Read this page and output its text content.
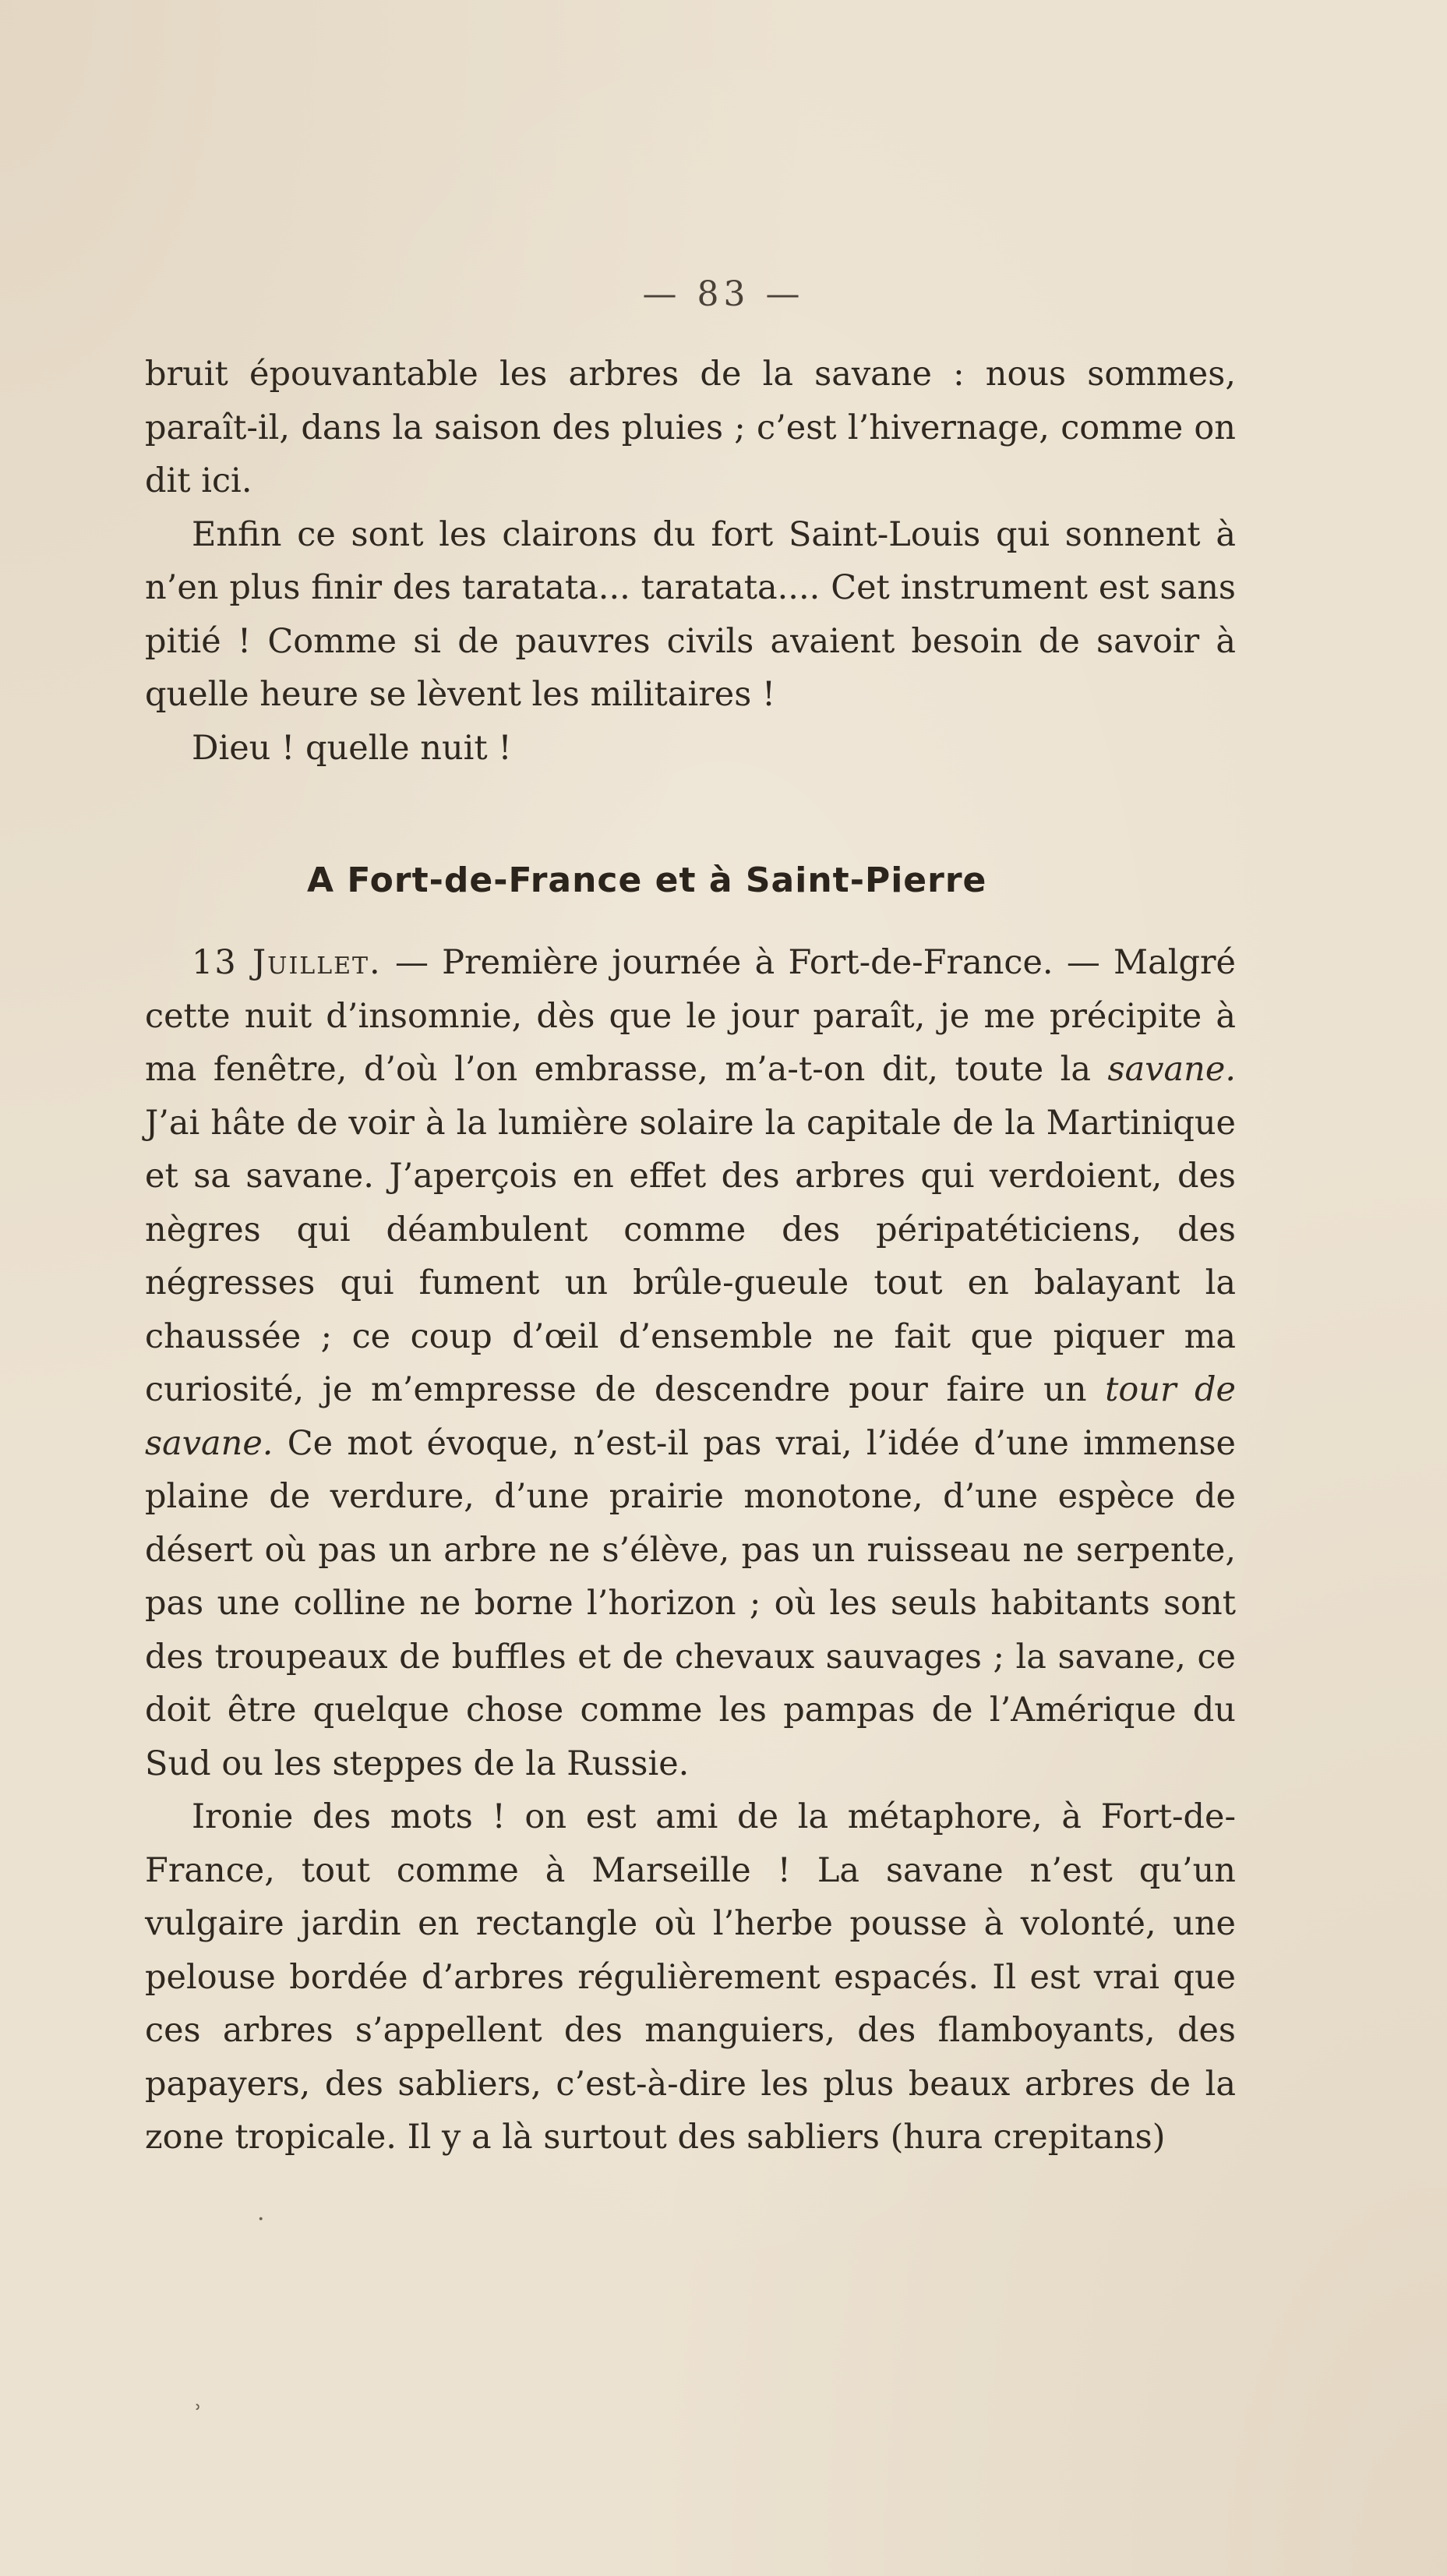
— 83 —

bruit épouvantable les arbres de la savane : nous sommes, paraît-il, dans la saison des pluies ; c’est l’hivernage, comme on dit ici.

Enfin ce sont les clairons du fort Saint-Louis qui sonnent à n’en plus finir des taratata... taratata.... Cet instrument est sans pitié ! Comme si de pauvres civils avaient besoin de savoir à quelle heure se lèvent les militaires !

Dieu ! quelle nuit !

A Fort-de-France et à Saint-Pierre

13 Juillet. — Première journée à Fort-de-France. — Malgré cette nuit d’insomnie, dès que le jour paraît, je me précipite à ma fenêtre, d’où l’on embrasse, m’a-t-on dit, toute la savane. J’ai hâte de voir à la lumière solaire la capitale de la Martinique et sa savane. J’aperçois en effet des arbres qui verdoient, des nègres qui déambulent comme des péripatéticiens, des négresses qui fument un brûle-gueule tout en balayant la chaussée ; ce coup d’œil d’ensemble ne fait que piquer ma curiosité, je m’empresse de descendre pour faire un tour de savane. Ce mot évoque, n’est-il pas vrai, l’idée d’une immense plaine de verdure, d’une prairie monotone, d’une espèce de désert où pas un arbre ne s’élève, pas un ruisseau ne serpente, pas une colline ne borne l’horizon ; où les seuls habitants sont des troupeaux de buffles et de chevaux sauvages ; la savane, ce doit être quelque chose comme les pampas de l’Amérique du Sud ou les steppes de la Russie.

Ironie des mots ! on est ami de la métaphore, à Fort-de-France, tout comme à Marseille ! La savane n’est qu’un vulgaire jardin en rectangle où l’herbe pousse à volonté, une pelouse bordée d’arbres régulièrement espacés. Il est vrai que ces arbres s’appellent des manguiers, des flamboyants, des papayers, des sabliers, c’est-à-dire les plus beaux arbres de la zone tropicale. Il y a là surtout des sabliers (hura crepitans)

·
ʾ
